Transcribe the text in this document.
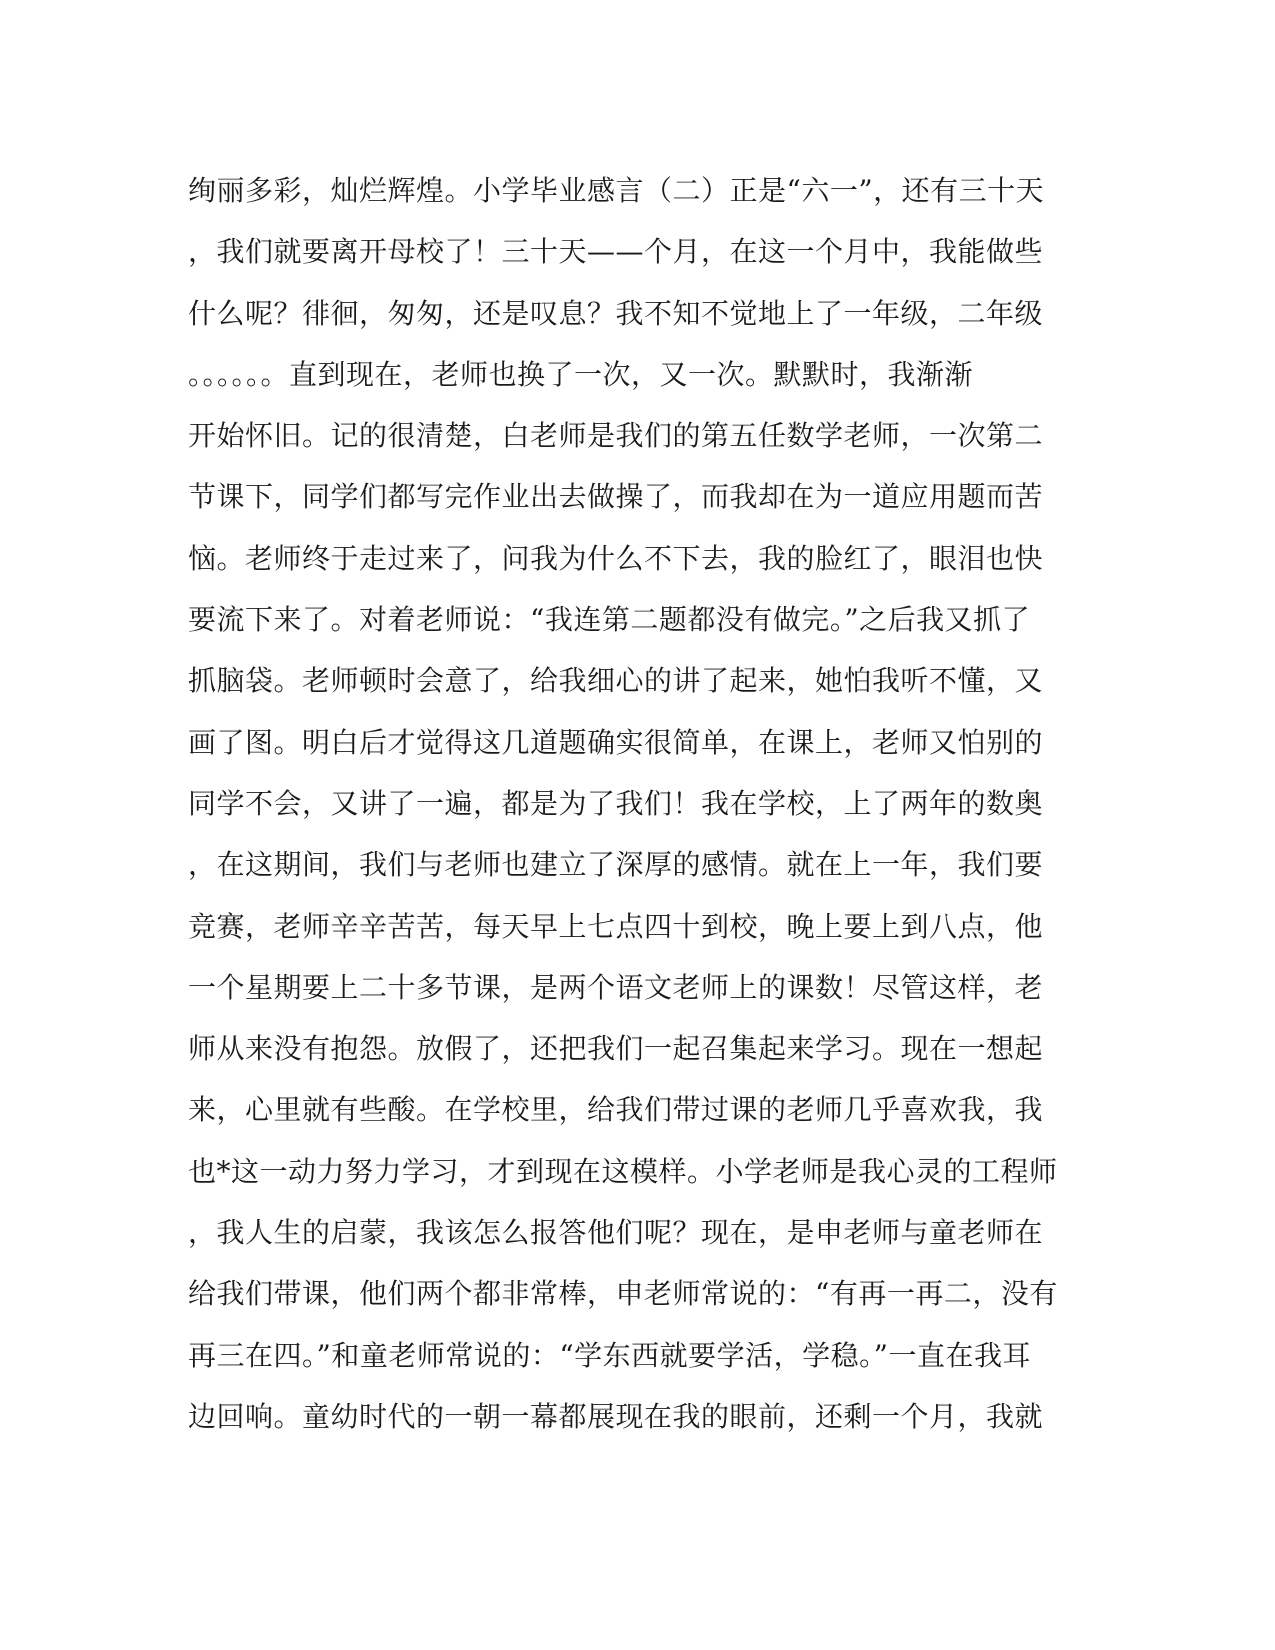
绚丽多彩，灿烂辉煌。小学毕业感言（二）正是“六一”，还有三十天
，我们就要离开母校了！三十天——个月，在这一个月中，我能做些
什么呢？徘徊，匆匆，还是叹息？我不知不觉地上了一年级，二年级
。。。。。。直到现在，老师也换了一次，又一次。默默时，我渐渐
开始怀旧。记的很清楚，白老师是我们的第五任数学老师，一次第二
节课下，同学们都写完作业出去做操了，而我却在为一道应用题而苦
恼。老师终于走过来了，问我为什么不下去，我的脸红了，眼泪也快
要流下来了。对着老师说：“我连第二题都没有做完。”之后我又抓了
抓脑袋。老师顿时会意了，给我细心的讲了起来，她怕我听不懂，又
画了图。明白后才觉得这几道题确实很简单，在课上，老师又怕别的
同学不会，又讲了一遍，都是为了我们！我在学校，上了两年的数奥
，在这期间，我们与老师也建立了深厚的感情。就在上一年，我们要
竞赛，老师辛辛苦苦，每天早上七点四十到校，晚上要上到八点，他
一个星期要上二十多节课，是两个语文老师上的课数！尽管这样，老
师从来没有抱怨。放假了，还把我们一起召集起来学习。现在一想起
来，心里就有些酸。在学校里，给我们带过课的老师几乎喜欢我，我
也*这一动力努力学习，才到现在这模样。小学老师是我心灵的工程师
，我人生的启蒙，我该怎么报答他们呢？现在，是申老师与童老师在
给我们带课，他们两个都非常棒，申老师常说的：“有再一再二，没有
再三在四。”和童老师常说的：“学东西就要学活，学稳。”一直在我耳
边回响。童幼时代的一朝一幕都展现在我的眼前，还剩一个月，我就
